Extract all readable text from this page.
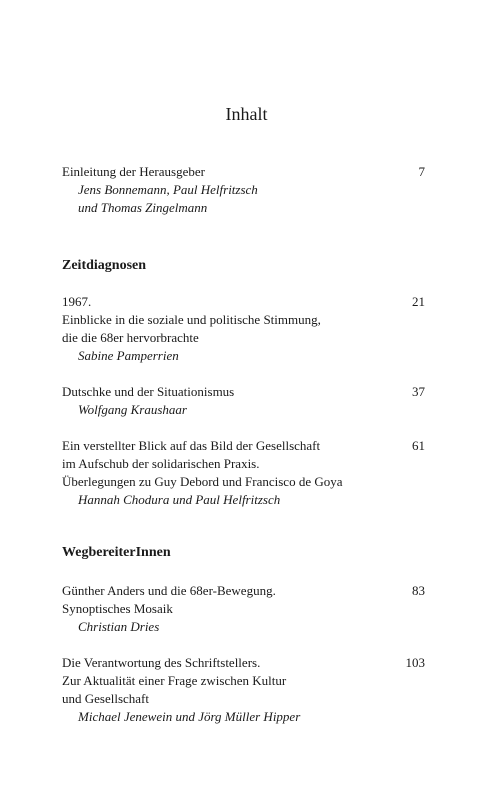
Inhalt
Einleitung der Herausgeber	7
Jens Bonnemann, Paul Helfritzsch
und Thomas Zingelmann
Zeitdiagnosen
1967.
Einblicke in die soziale und politische Stimmung,
die die 68er hervorbrachte
21
Sabine Pamperrien
Dutschke und der Situationismus	37
Wolfgang Kraushaar
Ein verstellter Blick auf das Bild der Gesellschaft
im Aufschub der solidarischen Praxis.
Überlegungen zu Guy Debord und Francisco de Goya
61
Hannah Chodura und Paul Helfritzsch
WegbereiterInnen
Günther Anders und die 68er-Bewegung.
Synoptisches Mosaik
83
Christian Dries
Die Verantwortung des Schriftstellers.
Zur Aktualität einer Frage zwischen Kultur
und Gesellschaft
103
Michael Jenewein und Jörg Müller Hipper
